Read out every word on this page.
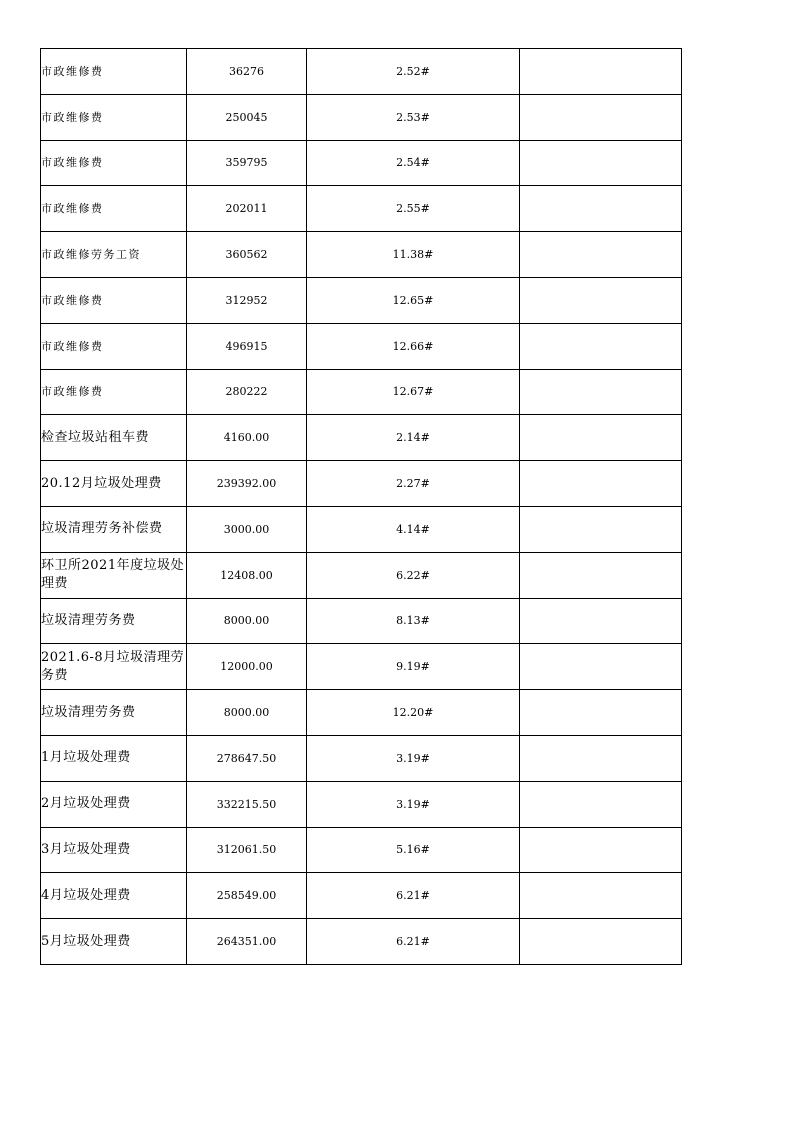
市政维修费	36276	2.52#	
市政维修费	250045	2.53#	
市政维修费	359795	2.54#	
市政维修费	202011	2.55#	
市政维修劳务工资	360562	11.38#	
市政维修费	312952	12.65#	
市政维修费	496915	12.66#	
市政维修费	280222	12.67#	
检查垃圾站租车费	4160.00	2.14#	
20.12月垃圾处理费	239392.00	2.27#	
垃圾清理劳务补偿费	3000.00	4.14#	
环卫所2021年度垃圾处理费	12408.00	6.22#	
垃圾清理劳务费	8000.00	8.13#	
2021.6-8月垃圾清理劳务费	12000.00	9.19#	
垃圾清理劳务费	8000.00	12.20#	
1月垃圾处理费	278647.50	3.19#	
2月垃圾处理费	332215.50	3.19#	
3月垃圾处理费	312061.50	5.16#	
4月垃圾处理费	258549.00	6.21#	
5月垃圾处理费	264351.00	6.21#	
